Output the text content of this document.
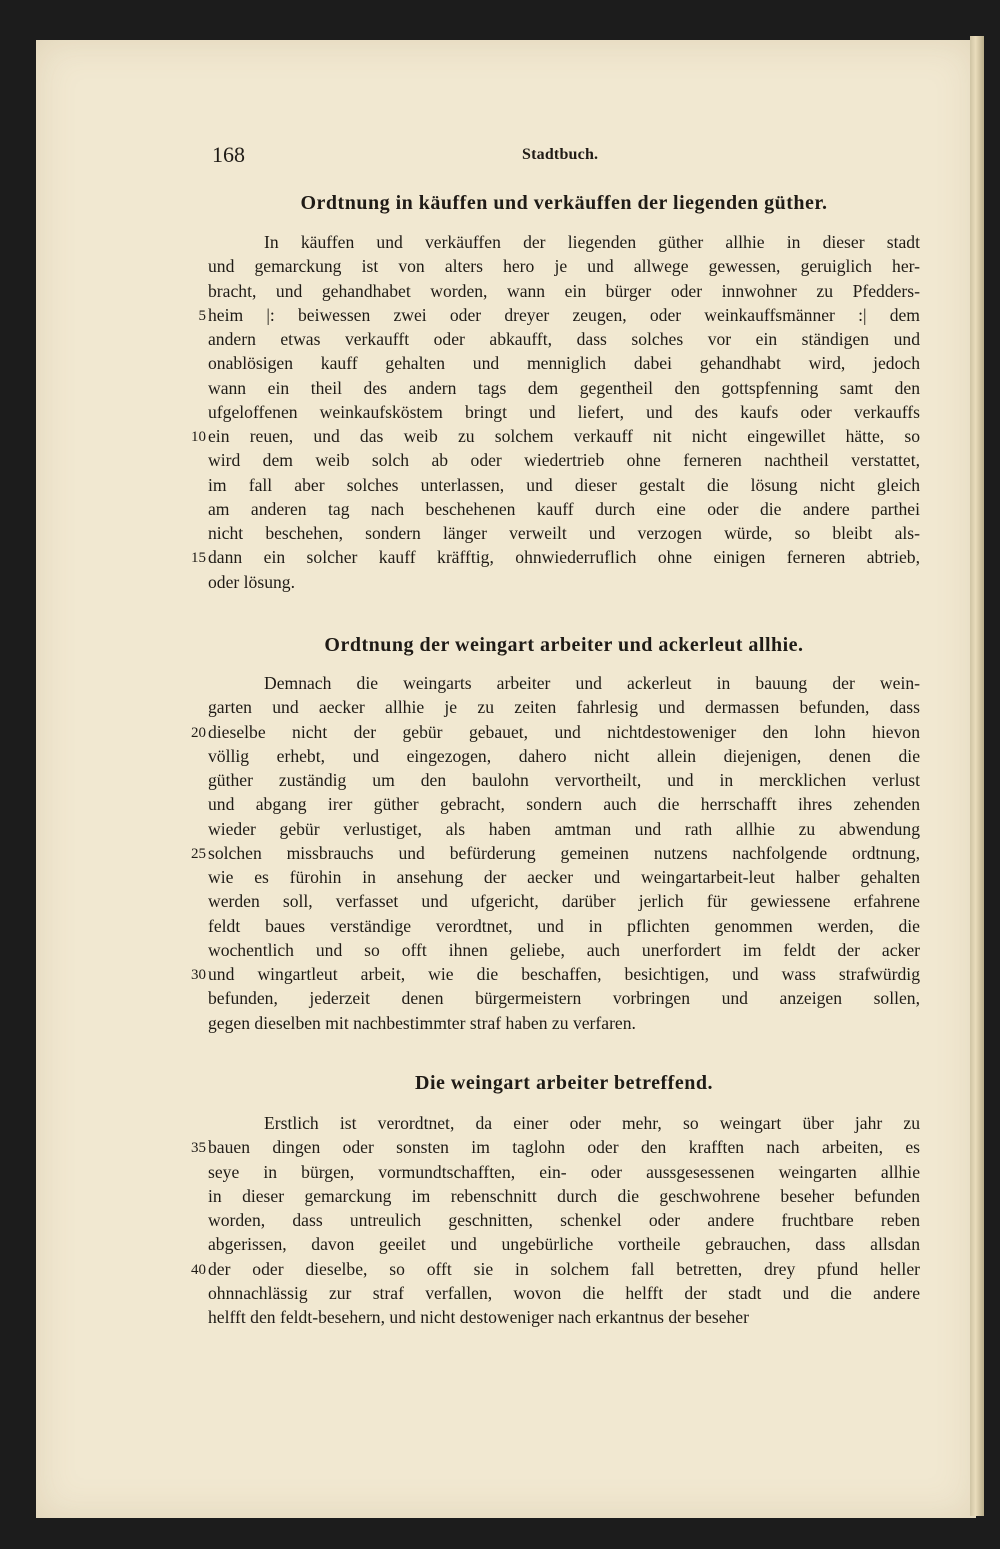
168	Stadtbuch.
Ordtnung in käuffen und verkäuffen der liegenden güther.
In käuffen und verkäuffen der liegenden güther allhie in dieser stadt
und gemarckung ist von alters hero je und allwege gewessen, geruiglich her-
bracht, und gehandhabet worden, wann ein bürger oder innwohner zu Pfedders-
5 heim |: beiwessen zwei oder dreyer zeugen, oder weinkauffsmänner :| dem
andern etwas verkaufft oder abkaufft, dass solches vor ein ständigen und
onablösigen kauff gehalten und menniglich dabei gehandhabt wird, jedoch
wann ein theil des andern tags dem gegentheil den gottspfenning samt den
ufgeloffenen weinkaufsköstem bringt und liefert, und des kaufs oder verkauffs
10 ein reuen, und das weib zu solchem verkauff nit nicht eingewillet hätte, so
wird dem weib solch ab oder wiedertrieb ohne ferneren nachtheil verstattet,
im fall aber solches unterlassen, und dieser gestalt die lösung nicht gleich
am anderen tag nach beschehenen kauff durch eine oder die andere parthei
nicht beschehen, sondern länger verweilt und verzogen würde, so bleibt als-
15 dann ein solcher kauff kräfftig, ohnwiederruflich ohne einigen ferneren abtrieb,
oder lösung.
Ordtnung der weingart arbeiter und ackerleut allhie.
Demnach die weingarts arbeiter und ackerleut in bauung der wein-
garten und aecker allhie je zu zeiten fahrlesig und dermassen befunden, dass
20 dieselbe nicht der gebür gebauet, und nichtdestoweniger den lohn hievon
völlig erhebt, und eingezogen, dahero nicht allein diejenigen, denen die
güther zuständig um den baulohn vervortheilt, und in mercklichen verlust
und abgang irer güther gebracht, sondern auch die herrschafft ihres zehenden
wieder gebür verlustiget, als haben amtman und rath allhie zu abwendung
25 solchen missbrauchs und befürderung gemeinen nutzens nachfolgende ordtnung,
wie es fürohin in ansehung der aecker und weingartarbeit-leut halber gehalten
werden soll, verfasset und ufgericht, darüber jerlich für gewiessene erfahrene
feldt baues verständige verordtnet, und in pflichten genommen werden, die
wochentlich und so offt ihnen geliebe, auch unerfordert im feldt der acker
30 und wingartleut arbeit, wie die beschaffen, besichtigen, und wass strafwürdig
befunden, jederzeit denen bürgermeistern vorbringen und anzeigen sollen,
gegen dieselben mit nachbestimmter straf haben zu verfaren.
Die weingart arbeiter betreffend.
Erstlich ist verordtnet, da einer oder mehr, so weingart über jahr zu
35 bauen dingen oder sonsten im taglohn oder den krafften nach arbeiten, es
seye in bürgen, vormundtschafften, ein- oder aussgesessenen weingarten allhie
in dieser gemarckung im rebenschnitt durch die geschwohrene beseher befunden
worden, dass untreulich geschnitten, schenkel oder andere fruchtbare reben
abgerissen, davon geeilet und ungebürliche vortheile gebrauchen, dass allsdan
40 der oder dieselbe, so offt sie in solchem fall betretten, drey pfund heller
ohnnachlässig zur straf verfallen, wovon die helfft der stadt und die andere
helfft den feldt-besehern, und nicht destoweniger nach erkantnus der beseher
